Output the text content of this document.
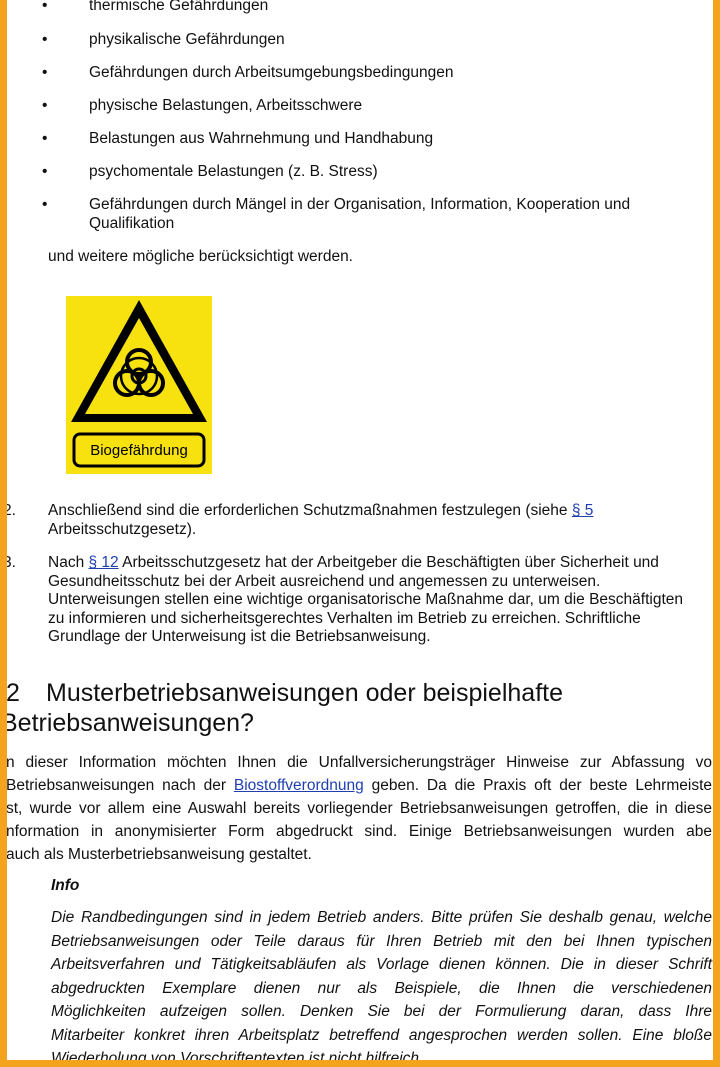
•	thermische Gefährdungen
•	physikalische Gefährdungen
•	Gefährdungen durch Arbeitsumgebungsbedingungen
•	physische Belastungen, Arbeitsschwere
•	Belastungen aus Wahrnehmung und Handhabung
•	psychomentale Belastungen (z. B. Stress)
•	Gefährdungen durch Mängel in der Organisation, Information, Kooperation und
Qualifikation
und weitere mögliche berücksichtigt werden.
Biogefährdung
2. Anschließend sind die erforderlichen Schutzmaßnahmen festzulegen (siehe § 5
Arbeitsschutzgesetz).
3. Nach § 12 Arbeitsschutzgesetz hat der Arbeitgeber die Beschäftigten über Sicherheit und
Gesundheitsschutz bei der Arbeit ausreichend und angemessen zu unterweisen.
Unterweisungen stellen eine wichtige organisatorische Maßnahme dar, um die Beschäftigten
zu informieren und sicherheitsgerechtes Verhalten im Betrieb zu erreichen. Schriftliche
Grundlage der Unterweisung ist die Betriebsanweisung.
2 Musterbetriebsanweisungen oder beispielhafte
Betriebsanweisungen?
n dieser Information möchten Ihnen die Unfallversicherungsträger Hinweise zur Abfassung vo
Betriebsanweisungen nach der Biostoffverordnung geben. Da die Praxis oft der beste Lehrmeiste
st, wurde vor allem eine Auswahl bereits vorliegender Betriebsanweisungen getroffen, die in diese
nformation in anonymisierter Form abgedruckt sind. Einige Betriebsanweisungen wurden abe
auch als Musterbetriebsanweisung gestaltet.
Info
Die Randbedingungen sind in jedem Betrieb anders. Bitte prüfen Sie deshalb genau, welche
Betriebsanweisungen oder Teile daraus für Ihren Betrieb mit den bei Ihnen typischen
Arbeitsverfahren und Tätigkeitsabläufen als Vorlage dienen können. Die in dieser Schrift
abgedruckten Exemplare dienen nur als Beispiele, die Ihnen die verschiedenen
Möglichkeiten aufzeigen sollen. Denken Sie bei der Formulierung daran, dass Ihre
Mitarbeiter konkret ihren Arbeitsplatz betreffend angesprochen werden sollen. Eine bloße
Wiederholung von Vorschriftentexten ist nicht hilfreich.
